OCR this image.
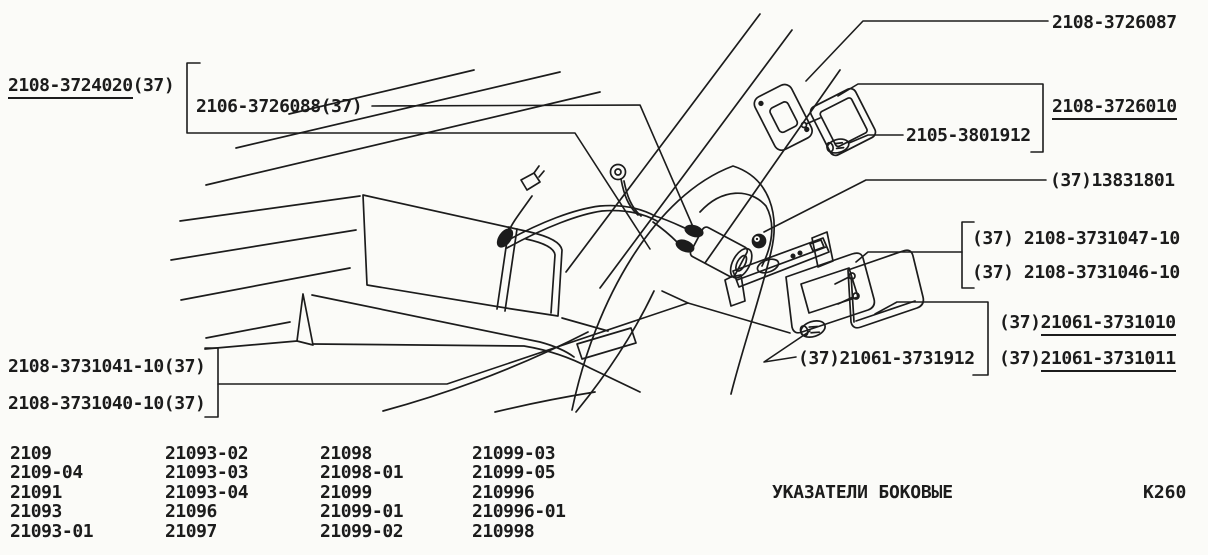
2108-3724020(37)
2106-3726088(37)
2108-3726087
2108-3726010
2105-3801912
(37)13831801
(37) 2108-3731047-10
(37) 2108-3731046-10
(37)21061-3731010
(37)21061-3731912 (37)21061-3731011
2108-3731041-10(37)
2108-3731040-10(37)
2109
2109-04
21091
21093
21093-01
21093-02
21093-03
21093-04
21096
21097
21098
21098-01
21099
21099-01
21099-02
21099-03
21099-05
210996
210996-01
210998
УКАЗАТЕЛИ БОКОВЫЕ	К260
